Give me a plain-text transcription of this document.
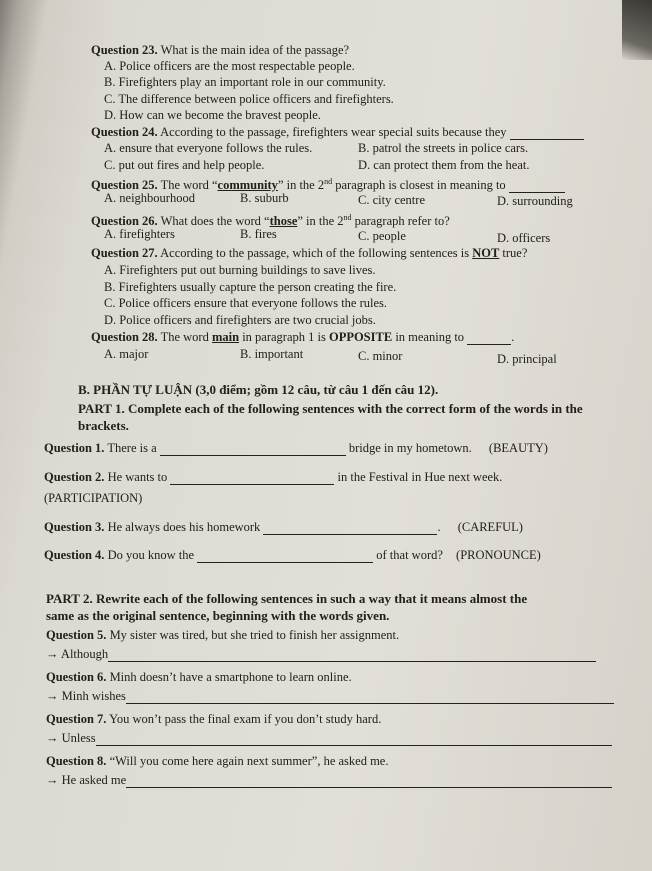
Question 23. What is the main idea of the passage?
A. Police officers are the most respectable people.
B. Firefighters play an important role in our community.
C. The difference between police officers and firefighters.
D. How can we become the bravest people.
Question 24. According to the passage, firefighters wear special suits because they
A. ensure that everyone follows the rules.	B. patrol the streets in police cars.
C. put out fires and help people.	D. can protect them from the heat.
Question 25. The word “community” in the 2nd paragraph is closest in meaning to
A. neighbourhood	B. suburb	C. city centre	D. surrounding
Question 26. What does the word “those” in the 2nd paragraph refer to?
A. firefighters	B. fires	C. people	D. officers
Question 27. According to the passage, which of the following sentences is NOT true?
A. Firefighters put out burning buildings to save lives.
B. Firefighters usually capture the person creating the fire.
C. Police officers ensure that everyone follows the rules.
D. Police officers and firefighters are two crucial jobs.
Question 28. The word main in paragraph 1 is OPPOSITE in meaning to	.
A. major	B. important	C. minor	D. principal
B. PHẦN TỰ LUẬN (3,0 điểm; gồm 12 câu, từ câu 1 đến câu 12).
PART 1. Complete each of the following sentences with the correct form of the words in the
brackets.
Question 1. There is a	bridge in my hometown. (BEAUTY)
Question 2. He wants to	in the Festival in Hue next week.
(PARTICIPATION)
Question 3. He always does his homework	. (CAREFUL)
Question 4. Do you know the	of that word? (PRONOUNCE)
PART 2. Rewrite each of the following sentences in such a way that it means almost the
same as the original sentence, beginning with the words given.
Question 5. My sister was tired, but she tried to finish her assignment.
→ Although
Question 6. Minh doesn’t have a smartphone to learn online.
→ Minh wishes
Question 7. You won’t pass the final exam if you don’t study hard.
→ Unless
Question 8. “Will you come here again next summer”, he asked me.
→ He asked me
